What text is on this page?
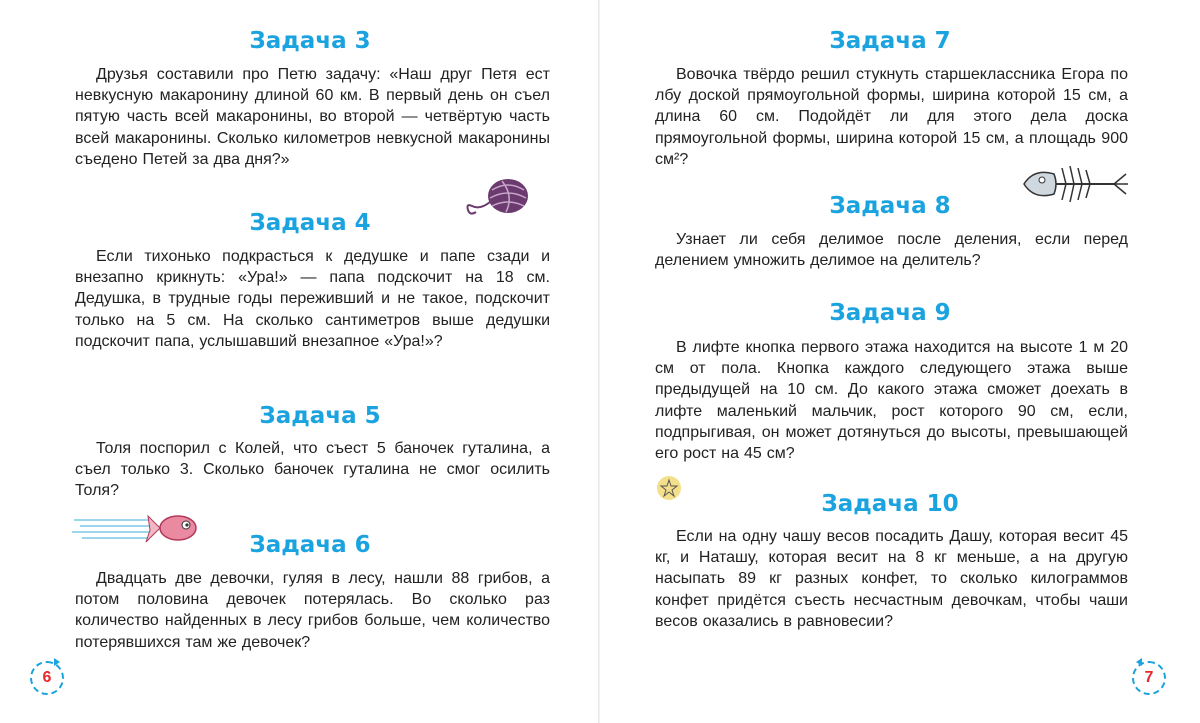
Задача 3

Друзья составили про Петю задачу: «Наш друг Петя ест невкусную макаронину длиной 60 км. В первый день он съел пятую часть всей макаронины, во второй — четвёртую часть всей макаронины. Сколько километров невкусной макаронины съедено Петей за два дня?»

Задача 4

Если тихонько подкрасться к дедушке и папе сзади и внезапно крикнуть: «Ура!» — папа подскочит на 18 см. Дедушка, в трудные годы переживший и не такое, подскочит только на 5 см. На сколько сантиметров выше дедушки подскочит папа, услышавший внезапное «Ура!»?

Задача 5

Толя поспорил с Колей, что съест 5 баночек гуталина, а съел только 3. Сколько баночек гуталина не смог осилить Толя?

Задача 6

Двадцать две девочки, гуляя в лесу, нашли 88 грибов, а потом половина девочек потерялась. Во сколько раз количество найденных в лесу грибов больше, чем количество потерявшихся там же девочек?

6
Задача 7

Вовочка твёрдо решил стукнуть старшеклассника Егора по лбу доской прямоугольной формы, ширина которой 15 см, а длина 60 см. Подойдёт ли для этого дела доска прямоугольной формы, ширина которой 15 см, а площадь 900 см²?

Задача 8

Узнает ли себя делимое после деления, если перед делением умножить делимое на делитель?

Задача 9

В лифте кнопка первого этажа находится на высоте 1 м 20 см от пола. Кнопка каждого следующего этажа выше предыдущей на 10 см. До какого этажа сможет доехать в лифте маленький мальчик, рост которого 90 см, если, подпрыгивая, он может дотянуться до высоты, превышающей его рост на 45 см?

Задача 10

Если на одну чашу весов посадить Дашу, которая весит 45 кг, и Наташу, которая весит на 8 кг меньше, а на другую насыпать 89 кг разных конфет, то сколько килограммов конфет придётся съесть несчастным девочкам, чтобы чаши весов оказались в равновесии?

7
